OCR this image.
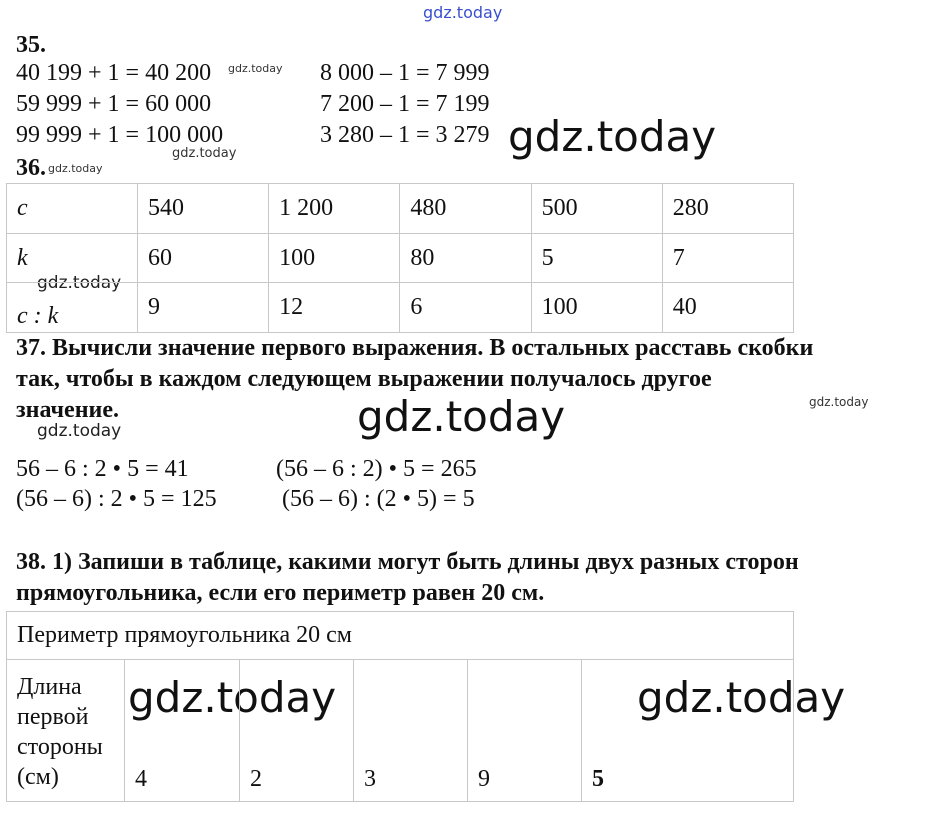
gdz.today
gdz.today
gdz.today
gdz.today
gdz.today
gdz.today
gdz.today	gdz.today
gdz.today
gdz.today	gdz.today
35.
40 199 + 1 = 40 200
59 999 + 1 = 60 000
99 999 + 1 = 100 000
8 000 – 1 = 7 999
7 200 – 1 = 7 199
3 280 – 1 = 3 279
36.
c	540	1 200	480	500	280
k	60	100	80	5	7
c : k	9	12	6	100	40
37. Вычисли значение первого выражения. В остальных расставь скобки
так, чтобы в каждом следующем выражении получалось другое
значение.
56 – 6 : 2 • 5 = 41	(56 – 6 : 2) • 5 = 265
(56 – 6) : 2 • 5 = 125	(56 – 6) : (2 • 5) = 5
38. 1) Запиши в таблице, какими могут быть длины двух разных сторон
прямоугольника, если его периметр равен 20 см.
Периметр прямоугольника 20 см

Длина
первой
стороны
(см)	4	2	3	9	5
